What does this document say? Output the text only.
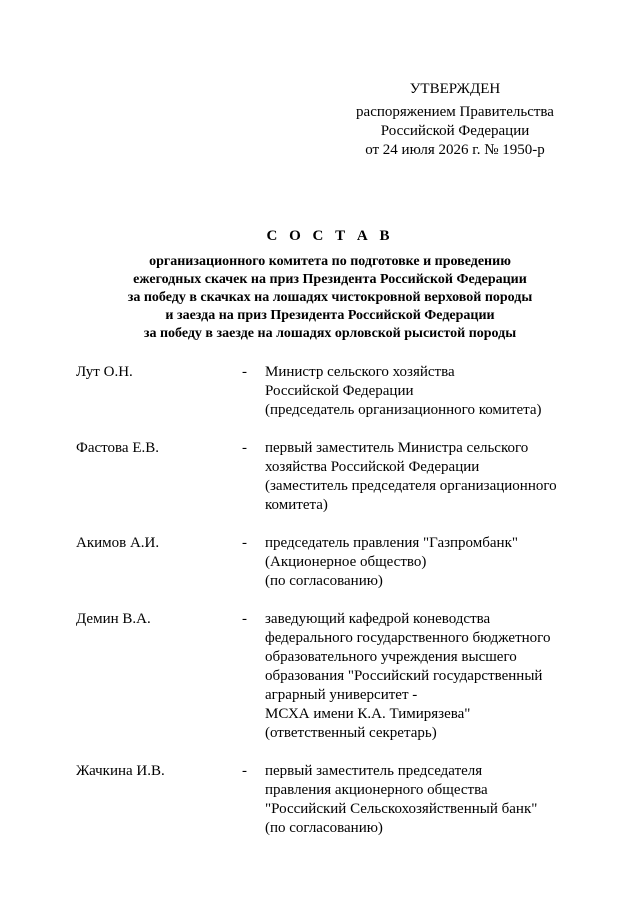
УТВЕРЖДЕН
распоряжением Правительства
Российской Федерации
от 24 июля 2026 г. № 1950-р
С О С Т А В
организационного комитета по подготовке и проведению
ежегодных скачек на приз Президента Российской Федерации
за победу в скачках на лошадях чистокровной верховой породы
и заезда на приз Президента Российской Федерации
за победу в заезде на лошадях орловской рысистой породы
Лут О.Н.	- Министр сельского хозяйства
Российской Федерации
(председатель организационного комитета)
Фастова Е.В.	- первый заместитель Министра сельского
хозяйства Российской Федерации
(заместитель председателя организационного
комитета)
Акимов А.И.	- председатель правления "Газпромбанк"
(Акционерное общество)
(по согласованию)
Демин В.А.	- заведующий кафедрой коневодства
федерального государственного бюджетного
образовательного учреждения высшего
образования "Российский государственный
аграрный университет -
МСХА имени К.А. Тимирязева"
(ответственный секретарь)
Жачкина И.В.	- первый заместитель председателя
правления акционерного общества
"Российский Сельскохозяйственный банк"
(по согласованию)
